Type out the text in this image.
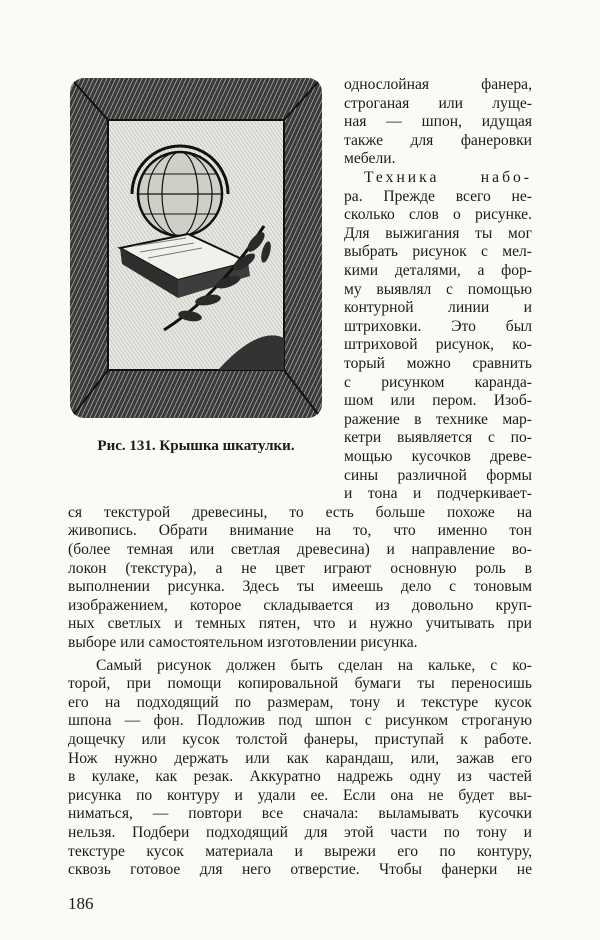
Рис. 131. Крышка шкатулки.
однослойная фанера,
строганая или луще-
ная — шпон, идущая
также для фанеровки
мебели.
Техника набо-
ра. Прежде всего не-
сколько слов о рисунке.
Для выжигания ты мог
выбрать рисунок с мел-
кими деталями, а фор-
му выявлял с помощью
контурной линии и
штриховки. Это был
штриховой рисунок, ко-
торый можно сравнить
с рисунком каранда-
шом или пером. Изоб-
ражение в технике мар-
кетри выявляется с по-
мощью кусочков древе-
сины различной формы
и тона и подчеркивает-
ся текстурой древесины, то есть больше похоже на
живопись. Обрати внимание на то, что именно тон
(более темная или светлая древесина) и направление во-
локон (текстура), а не цвет играют основную роль в
выполнении рисунка. Здесь ты имеешь дело с тоновым
изображением, которое складывается из довольно круп-
ных светлых и темных пятен, что и нужно учитывать при
выборе или самостоятельном изготовлении рисунка.
Самый рисунок должен быть сделан на кальке, с ко-
торой, при помощи копировальной бумаги ты переносишь
его на подходящий по размерам, тону и текстуре кусок
шпона — фон. Подложив под шпон с рисунком строганую
дощечку или кусок толстой фанеры, приступай к работе.
Нож нужно держать или как карандаш, или, зажав его
в кулаке, как резак. Аккуратно надрежь одну из частей
рисунка по контуру и удали ее. Если она не будет вы-
ниматься, — повтори все сначала: выламывать кусочки
нельзя. Подбери подходящий для этой части по тону и
текстуре кусок материала и вырежи его по контуру,
сквозь готовое для него отверстие. Чтобы фанерки не
186
